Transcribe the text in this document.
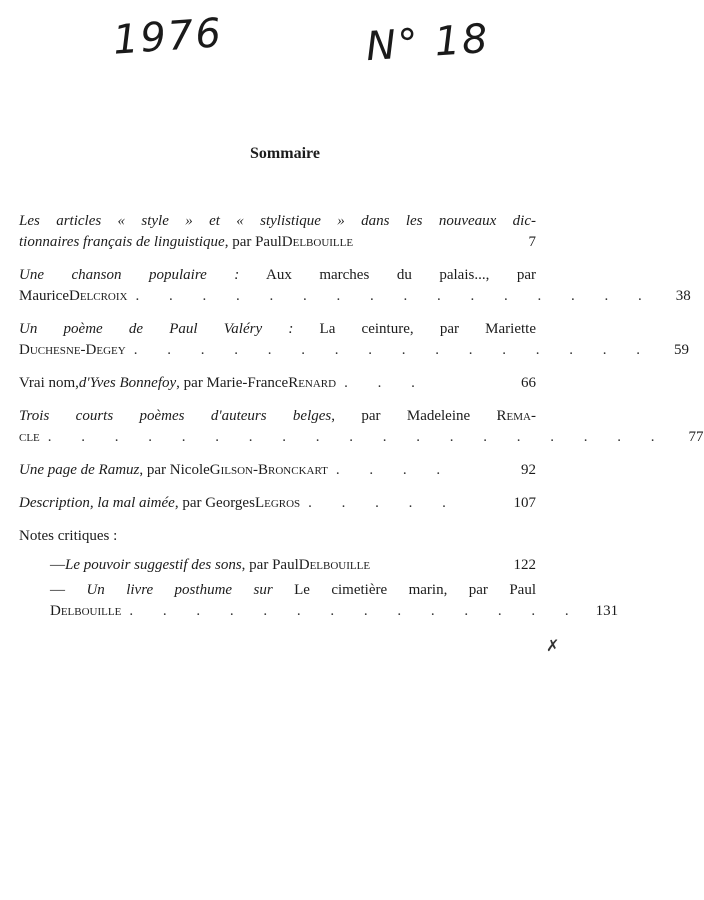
1976	N° 18
Sommaire
Les articles « style » et « stylistique » dans les nouveaux dic-
tionnaires français de linguistique , par Paul Delbouille	7
Une chanson populaire : Aux marches du palais..., par
Maurice Delcroix . . . . . . . . . . . . . . . .	38
Un poème de Paul Valéry : La ceinture, par Mariette
Duchesne-Degey . . . . . . . . . . . . . . . .	59
Vrai nom, d'Yves Bonnefoy , par Marie-France Renard . . .	66
Trois courts poèmes d'auteurs belges, par Madeleine Rema-
cle . . . . . . . . . . . . . . . . . . .	77
Une page de Ramuz , par Nicole Gilson-Bronckart . . . .	92
Description, la mal aimée , par Georges Legros . . . . .	107
Notes critiques :
— Le pouvoir suggestif des sons , par Paul Delbouille	122
— Un livre posthume sur Le cimetière marin, par Paul
Delbouille . . . . . . . . . . . . . . 131
✗
